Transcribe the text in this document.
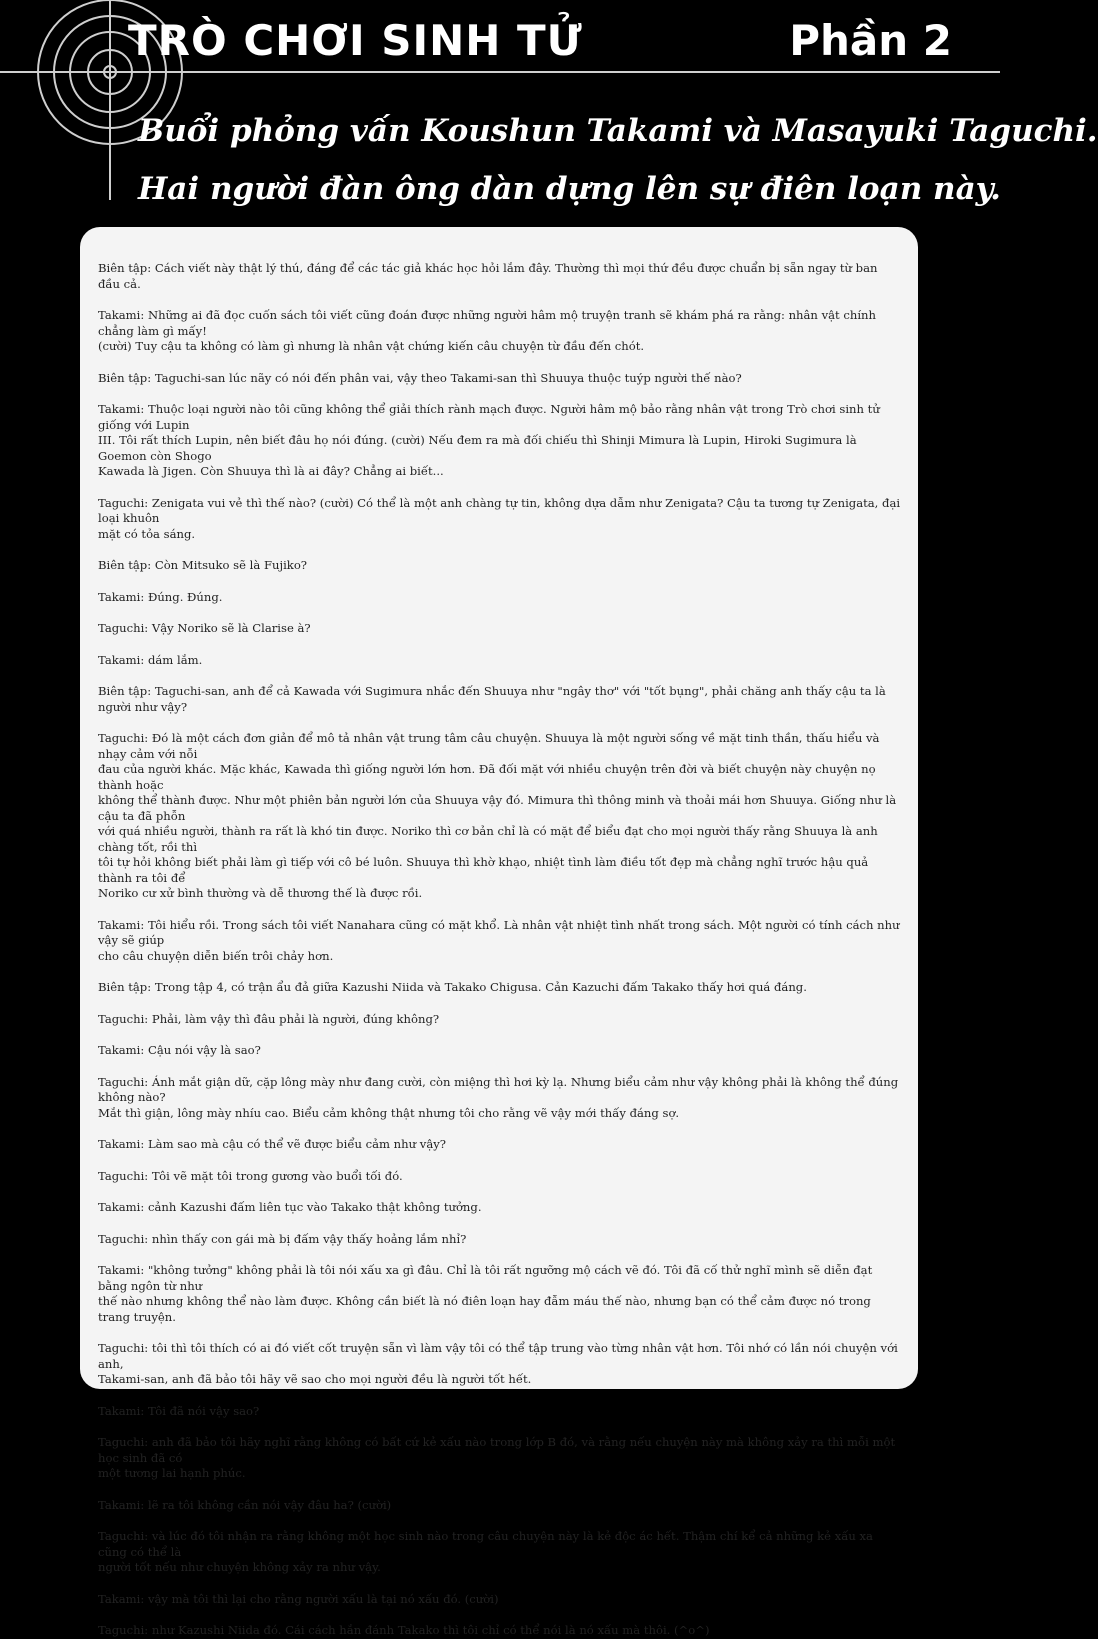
TRÒ CHƠI SINH TỬ	Phần 2
Buổi phỏng vấn Koushun Takami và Masayuki Taguchi.
Hai người đàn ông dàn dựng lên sự điên loạn này.

Biên tập: Cách viết này thật lý thú, đáng để các tác giả khác học hỏi lắm đây. Thường thì mọi thứ đều được chuẩn bị sẵn ngay từ ban đầu cả.

Takami: Những ai đã đọc cuốn sách tôi viết cũng đoán được những người hâm mộ truyện tranh sẽ khám phá ra rằng: nhân vật chính chẳng làm gì mấy!
(cười) Tuy cậu ta không có làm gì nhưng là nhân vật chứng kiến câu chuyện từ đầu đến chót.

Biên tập: Taguchi-san lúc nãy có nói đến phân vai, vậy theo Takami-san thì Shuuya thuộc tuýp người thế nào?

Takami: Thuộc loại người nào tôi cũng không thể giải thích rành mạch được. Người hâm mộ bảo rằng nhân vật trong Trò chơi sinh tử giống với Lupin
III. Tôi rất thích Lupin, nên biết đâu họ nói đúng. (cười) Nếu đem ra mà đối chiếu thì Shinji Mimura là Lupin, Hiroki Sugimura là Goemon còn Shogo
Kawada là Jigen. Còn Shuuya thì là ai đây? Chẳng ai biết...

Taguchi: Zenigata vui vẻ thì thế nào? (cười) Có thể là một anh chàng tự tin, không dựa dẫm như Zenigata? Cậu ta tương tự Zenigata, đại loại khuôn
mặt có tỏa sáng.

Biên tập: Còn Mitsuko sẽ là Fujiko?

Takami: Đúng. Đúng.

Taguchi: Vậy Noriko sẽ là Clarise à?

Takami: dám lắm.

Biên tập: Taguchi-san, anh để cả Kawada với Sugimura nhắc đến Shuuya như "ngây thơ" với "tốt bụng", phải chăng anh thấy cậu ta là người như vậy?

Taguchi: Đó là một cách đơn giản để mô tả nhân vật trung tâm câu chuyện. Shuuya là một người sống về mặt tinh thần, thấu hiểu và nhạy cảm với nỗi
đau của người khác. Mặc khác, Kawada thì giống người lớn hơn. Đã đối mặt với nhiều chuyện trên đời và biết chuyện này chuyện nọ thành hoặc
không thể thành được. Như một phiên bản người lớn của Shuuya vậy đó. Mimura thì thông minh và thoải mái hơn Shuuya. Giống như là cậu ta đã phỗn
với quá nhiều người, thành ra rất là khó tin được. Noriko thì cơ bản chỉ là có mặt để biểu đạt cho mọi người thấy rằng Shuuya là anh chàng tốt, rồi thì
tôi tự hỏi không biết phải làm gì tiếp với cô bé luôn. Shuuya thì khờ khạo, nhiệt tình làm điều tốt đẹp mà chẳng nghĩ trước hậu quả thành ra tôi để
Noriko cư xử bình thường và dễ thương thế là được rồi.

Takami: Tôi hiểu rồi. Trong sách tôi viết Nanahara cũng có mặt khổ. Là nhân vật nhiệt tình nhất trong sách. Một người có tính cách như vậy sẽ giúp
cho câu chuyện diễn biến trôi chảy hơn.

Biên tập: Trong tập 4, có trận ẩu đả giữa Kazushi Niida và Takako Chigusa. Cản Kazuchi đấm Takako thấy hơi quá đáng.

Taguchi: Phải, làm vậy thì đâu phải là người, đúng không?

Takami: Cậu nói vậy là sao?

Taguchi: Ánh mắt giận dữ, cặp lông mày như đang cười, còn miệng thì hơi kỳ lạ. Nhưng biểu cảm như vậy không phải là không thể đúng không nào?
Mắt thì giận, lông mày nhíu cao. Biểu cảm không thật nhưng tôi cho rằng vẽ vậy mới thấy đáng sợ.

Takami: Làm sao mà cậu có thể vẽ được biểu cảm như vậy?

Taguchi: Tôi vẽ mặt tôi trong gương vào buổi tối đó.

Takami: cảnh Kazushi đấm liên tục vào Takako thật không tưởng.

Taguchi: nhìn thấy con gái mà bị đấm vậy thấy hoảng lắm nhỉ?

Takami: "không tưởng" không phải là tôi nói xấu xa gì đâu. Chỉ là tôi rất ngưỡng mộ cách vẽ đó. Tôi đã cố thử nghĩ mình sẽ diễn đạt bằng ngôn từ như
thế nào nhưng không thể nào làm được. Không cần biết là nó điên loạn hay đẫm máu thế nào, nhưng bạn có thể cảm được nó trong trang truyện.

Taguchi: tôi thì tôi thích có ai đó viết cốt truyện sẵn vì làm vậy tôi có thể tập trung vào từng nhân vật hơn. Tôi nhớ có lần nói chuyện với anh,
Takami-san, anh đã bảo tôi hãy vẽ sao cho mọi người đều là người tốt hết.

Takami: Tôi đã nói vậy sao?

Taguchi: anh đã bảo tôi hãy nghĩ rằng không có bất cứ kẻ xấu nào trong lớp B đó, và rằng nếu chuyện này mà không xảy ra thì mỗi một học sinh đã có
một tương lai hạnh phúc.

Takami: lẽ ra tôi không cần nói vậy đâu ha? (cười)

Taguchi: và lúc đó tôi nhận ra rằng không một học sinh nào trong câu chuyện này là kẻ độc ác hết. Thậm chí kể cả những kẻ xấu xa cũng có thể là
người tốt nếu như chuyện không xảy ra như vậy.

Takami: vậy mà tôi thì lại cho rằng người xấu là tại nó xấu đó. (cười)

Taguchi: như Kazushi Niida đó. Cái cách hắn đánh Takako thì tôi chỉ có thể nói là nó xấu mà thôi. (^o^)
